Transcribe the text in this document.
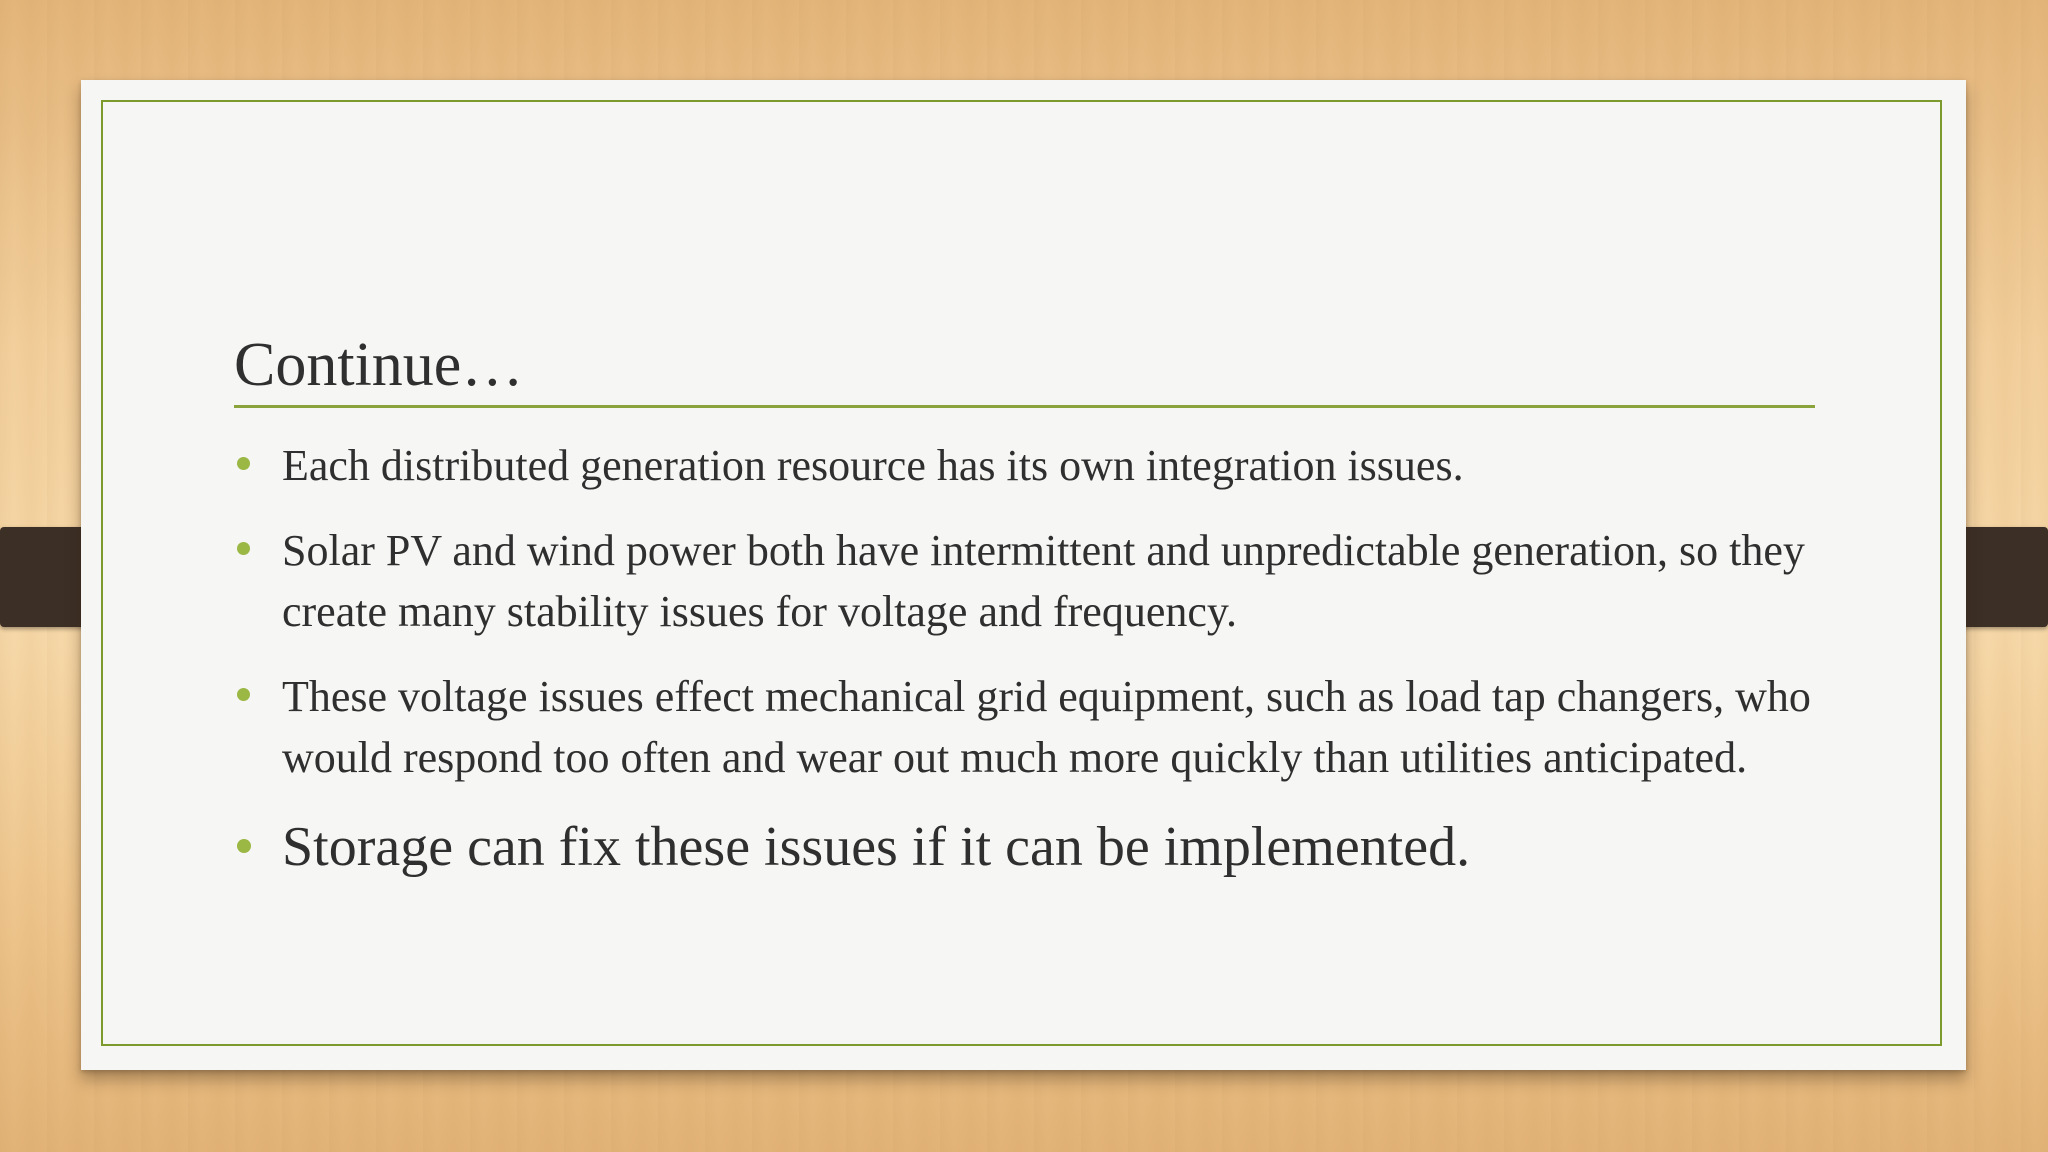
Continue…
Each distributed generation resource has its own integration issues.
Solar PV and wind power both have intermittent and unpredictable generation, so they create many stability issues for voltage and frequency.
These voltage issues effect mechanical grid equipment, such as load tap changers, who would respond too often and wear out much more quickly than utilities anticipated.
Storage can fix these issues if it can be implemented.
